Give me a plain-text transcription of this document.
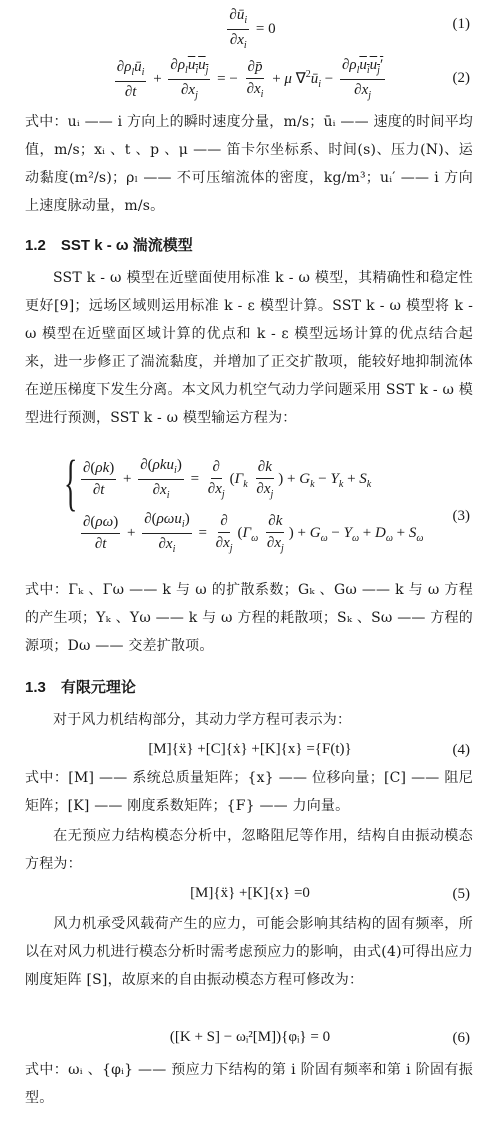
$\frac{\partial ū_i}{\partial x_i} = 0$	(1)
$\frac{\partial\rho_lū_i}{\partial t} + \frac{\partial\rho_lu_iu_j}{\partial x_j}$ = − $\frac{\partial p̄}{\partial x_i} + \mu$ $\nabla^2ū_i - \frac{\partial\rho_lu_iu_j'}{\partial x_j}$	(2)
式中：uᵢ —— i 方向上的瞬时速度分量，m/s；ūᵢ —— 速度的时间平均值，m/s；xᵢ 、t 、p 、μ —— 笛卡尔坐标系、时间(s)、压力(N)、运动黏度(m²/s)；ρₗ —— 不可压缩流体的密度，kg/m³；uᵢ′ —— i 方向上速度脉动量，m/s。
1.2　SST k - ω 湍流模型
SST k - ω 模型在近壁面使用标准 k - ω 模型，其精确性和稳定性更好[9]；远场区域则运用标准 k - ε 模型计算。SST k - ω 模型将 k - ω 模型在近壁面区域计算的优点和 k - ε 模型远场计算的优点结合起来，进一步修正了湍流黏度，并增加了正交扩散项，能较好地抑制流体在逆压梯度下发生分离。本文风力机空气动力学问题采用 SST k - ω 模型进行预测，SST k - ω 模型输运方程为：
{ $\frac{\partial(\rho k)}{\partial t} + \frac{\partial(\rho ku_i)}{\partial x_i} = \frac{\partial}{\partial x_j} (\Gamma_k \frac{\partial k}{\partial x_j}$ ) + $G_k - Y_k + S_k$
$\frac{\partial(\rho\omega)}{\partial t} + \frac{\partial(\rho\omega u_i)}{\partial x_i} = \frac{\partial}{\partial x_j} (\Gamma_\omega \frac{\partial k}{\partial x_j}$ ) + $G_\omega - Y_\omega + D_\omega + S_\omega$
(3)
式中：Γₖ 、Γω —— k 与 ω 的扩散系数；Gₖ 、Gω —— k 与 ω 方程的产生项；Yₖ 、Yω —— k 与 ω 方程的耗散项；Sₖ 、Sω —— 方程的源项；Dω —— 交差扩散项。
1.3　有限元理论
对于风力机结构部分，其动力学方程可表示为：
[M]{ẍ} +[C]{ẋ} +[K]{x} ={F(t)}	(4)
式中：[M] —— 系统总质量矩阵；{x} —— 位移向量；[C] —— 阻尼矩阵；[K] —— 刚度系数矩阵；{F} —— 力向量。
在无预应力结构模态分析中，忽略阻尼等作用，结构自由振动模态方程为：
[M]{ẍ} +[K]{x} =0	(5)
风力机承受风载荷产生的应力，可能会影响其结构的固有频率，所以在对风力机进行模态分析时需考虑预应力的影响，由式(4)可得出应力刚度矩阵 [S]，故原来的自由振动模态方程可修改为：
([K + S] − ωᵢ²[M]){φᵢ} = 0	(6)
式中：ωᵢ 、{φᵢ} —— 预应力下结构的第 i 阶固有频率和第 i 阶固有振型。
